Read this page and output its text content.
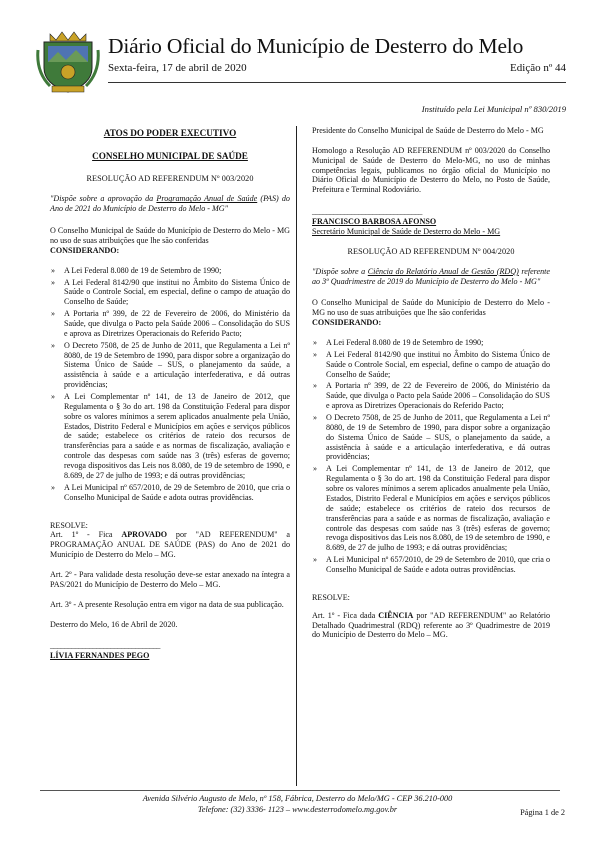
Diário Oficial do Município de Desterro do Melo
Sexta-feira, 17 de abril de 2020	Edição nº 44
Instituído pela Lei Municipal nº 830/2019
ATOS DO PODER EXECUTIVO
CONSELHO MUNICIPAL DE SAÚDE
RESOLUÇÃO AD REFERENDUM Nº 003/2020
"Dispõe sobre a aprovação da Programação Anual de Saúde (PAS) do Ano de 2021 do Município de Desterro do Melo - MG"
O Conselho Municipal de Saúde do Município de Desterro do Melo - MG no uso de suas atribuições que lhe são conferidas
CONSIDERANDO:
» A Lei Federal 8.080 de 19 de Setembro de 1990;
» A Lei Federal 8142/90 que institui no Âmbito do Sistema Único de Saúde o Controle Social, em especial, define o campo de atuação do Conselho de Saúde;
» A Portaria nº 399, de 22 de Fevereiro de 2006, do Ministério da Saúde, que divulga o Pacto pela Saúde 2006 – Consolidação do SUS e aprova as Diretrizes Operacionais do Referido Pacto;
» O Decreto 7508, de 25 de Junho de 2011, que Regulamenta a Lei nº 8080, de 19 de Setembro de 1990, para dispor sobre a organização do Sistema Único de Saúde – SUS, o planejamento da saúde, a assistência à saúde e a articulação interfederativa, e dá outras providências;
» A Lei Complementar nº 141, de 13 de Janeiro de 2012, que Regulamenta o § 3o do art. 198 da Constituição Federal para dispor sobre os valores mínimos a serem aplicados anualmente pela União, Estados, Distrito Federal e Municípios em ações e serviços públicos de saúde; estabelece os critérios de rateio dos recursos de transferências para a saúde e as normas de fiscalização, avaliação e controle das despesas com saúde nas 3 (três) esferas de governo; revoga dispositivos das Leis nos 8.080, de 19 de setembro de 1990, e 8.689, de 27 de julho de 1993; e dá outras providências;
» A Lei Municipal nº 657/2010, de 29 de Setembro de 2010, que cria o Conselho Municipal de Saúde e adota outras providências.
RESOLVE:
Art. 1º - Fica APROVADO por "AD REFERENDUM" a PROGRAMAÇÃO ANUAL DE SAÚDE (PAS) do Ano de 2021 do Município de Desterro do Melo – MG.
Art. 2º - Para validade desta resolução deve-se estar anexado na íntegra a PAS/2021 do Município de Desterro do Melo – MG.
Art. 3º - A presente Resolução entra em vigor na data de sua publicação.
Desterro do Melo, 16 de Abril de 2020.
_______________________________
LÍVIA FERNANDES PEGO
Presidente do Conselho Municipal de Saúde de Desterro do Melo - MG
Homologo a Resolução AD REFERENDUM nº 003/2020 do Conselho Municipal de Saúde de Desterro do Melo-MG, no uso de minhas competências legais, publicamos no órgão oficial do Município no Diário Oficial do Município de Desterro do Melo, no Posto de Saúde, Prefeitura e Terminal Rodoviário.
_______________________________
FRANCISCO BARBOSA AFONSO
Secretário Municipal de Saúde de Desterro do Melo - MG
RESOLUÇÃO AD REFERENDUM Nº 004/2020
"Dispõe sobre a Ciência do Relatório Anual de Gestão (RDQ) referente ao 3º Quadrimestre de 2019 do Município de Desterro do Melo - MG"
O Conselho Municipal de Saúde do Município de Desterro do Melo - MG no uso de suas atribuições que lhe são conferidas
CONSIDERANDO:
» A Lei Federal 8.080 de 19 de Setembro de 1990;
» A Lei Federal 8142/90 que institui no Âmbito do Sistema Único de Saúde o Controle Social, em especial, define o campo de atuação do Conselho de Saúde;
» A Portaria nº 399, de 22 de Fevereiro de 2006, do Ministério da Saúde, que divulga o Pacto pela Saúde 2006 – Consolidação do SUS e aprova as Diretrizes Operacionais do Referido Pacto;
» O Decreto 7508, de 25 de Junho de 2011, que Regulamenta a Lei nº 8080, de 19 de Setembro de 1990, para dispor sobre a organização do Sistema Único de Saúde – SUS, o planejamento da saúde, a assistência à saúde e a articulação interfederativa, e dá outras providências;
» A Lei Complementar nº 141, de 13 de Janeiro de 2012, que Regulamenta o § 3o do art. 198 da Constituição Federal para dispor sobre os valores mínimos a serem aplicados anualmente pela União, Estados, Distrito Federal e Municípios em ações e serviços públicos de saúde; estabelece os critérios de rateio dos recursos de transferências para a saúde e as normas de fiscalização, avaliação e controle das despesas com saúde nas 3 (três) esferas de governo; revoga dispositivos das Leis nos 8.080, de 19 de setembro de 1990, e 8.689, de 27 de julho de 1993; e dá outras providências;
» A Lei Municipal nº 657/2010, de 29 de Setembro de 2010, que cria o Conselho Municipal de Saúde e adota outras providências.
RESOLVE:
Art. 1º - Fica dada CIÊNCIA por "AD REFERENDUM" ao Relatório Detalhado Quadrimestral (RDQ) referente ao 3º Quadrimestre de 2019 do Município de Desterro do Melo – MG.
Avenida Silvério Augusto de Melo, nº 158, Fábrica, Desterro do Melo/MG - CEP 36.210-000
Telefone: (32) 3336- 1123 – www.desterrodomelo.mg.gov.br	Página 1 de 2
